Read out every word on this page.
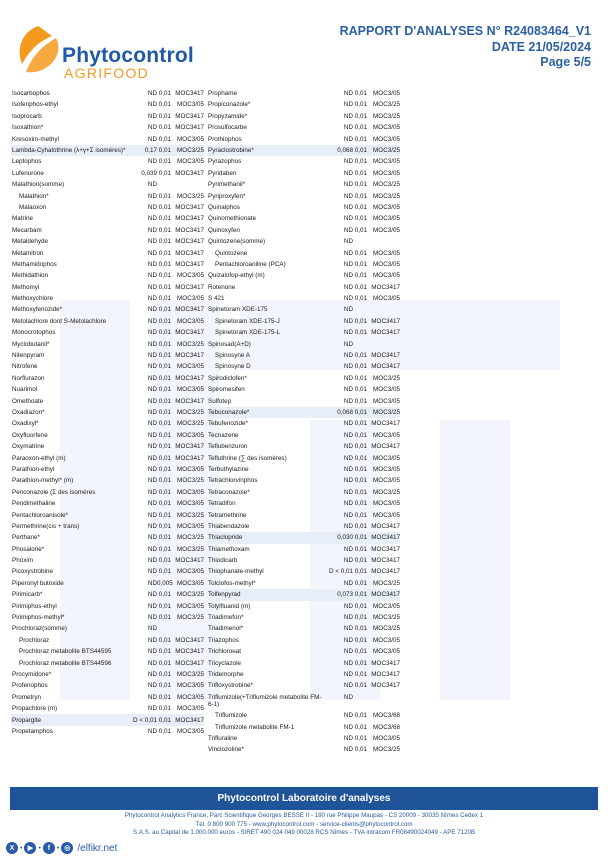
Phytocontrol
AGRIFOOD
RAPPORT D'ANALYSES N° R24083464_V1
DATE 21/05/2024
Page 5/5
Isocarbophos	ND 0,01 MOC3417
Isofenphos-ethyl	ND 0,01 MOC3/05
Isoprocarb	ND 0,01 MOC3417
Isoxathion*	ND 0,01 MOC3417
Kresoxim-methyl	ND 0,01 MOC3/05
Lambda-Cyhalothrine (λ+γ+Σ isomères)*	0,17 0,01 MOC3/25
Leptophos	ND 0,01 MOC3/05
Lufenurone	0,039 0,01 MOC3417
Malathion(somme)	ND
Malathion*	ND 0,01 MOC3/25
Malaoxon	ND 0,01 MOC3417
Matrine	ND 0,01 MOC3417
Mecarbam	ND 0,01 MOC3417
Metaldehyde	ND 0,01 MOC3417
Metamitron	ND 0,01 MOC3417
Methamidophos	ND 0,01 MOC3417
Methidathion	ND 0,01 MOC3/05
Methomyl	ND 0,01 MOC3417
Methoxychlore	ND 0,01 MOC3/05
Methoxyfenozide*	ND 0,01 MOC3417
Metolachlore dont S-Metolachlore	ND 0,01 MOC3/05
Monocrotophos	ND 0,01 MOC3417
Myclobutanil*	ND 0,01 MOC3/25
Nitenpyram	ND 0,01 MOC3417
Nitrofene	ND 0,01 MOC3/05
Norflurazon	ND 0,01 MOC3417
Nuarimol	ND 0,01 MOC3/05
Omethoate	ND 0,01 MOC3417
Oxadiazon*	ND 0,01 MOC3/25
Oxadixyl*	ND 0,01 MOC3/25
Oxyfluorfene	ND 0,01 MOC3/05
Oxymatrine	ND 0,01 MOC3417
Paraoxon-ethyl (m)	ND 0,01 MOC3417
Parathion-ethyl	ND 0,01 MOC3/05
Parathion-methyl* (m)	ND 0,01 MOC3/25
Penconazole (Σ des isomères	ND 0,01 MOC3/05
Pendimethaline	ND 0,01 MOC3/05
Pentachloroanisole*	ND 0,01 MOC3/25
Permethrine(cis + trans)	ND 0,01 MOC3/05
Perthane*	ND 0,01 MOC3/25
Phosalone*	ND 0,01 MOC3/25
Phoxim	ND 0,01 MOC3417
Picoxystrobine	ND 0,01 MOC3/05
Piperonyl butoxide	ND 0,005 MOC3/05
Pirimicarb*	ND 0,01 MOC3/25
Pirimiphos-ethyl	ND 0,01 MOC3/05
Pirimiphos-methyl*	ND 0,01 MOC3/25
Prochloraz(somme)	ND
Prochloraz	ND 0,01 MOC3417
Prochloraz metabolite BTS44595	ND 0,01 MOC3417
Prochloraz metabolite BTS44596	ND 0,01 MOC3417
Procymidone*	ND 0,01 MOC3/25
Profenophos	ND 0,01 MOC3/05
Prometryn	ND 0,01 MOC3/05
Propachlore (m)	ND 0,01 MOC3/05
Propargite	D < 0,01 0,01 MOC3417
Propetamphos	ND 0,01 MOC3/05
Prophame	ND 0,01 MOC3/05
Propiconazole*	ND 0,01 MOC3/25
Propyzamide*	ND 0,01 MOC3/25
Prosulfocarbe	ND 0,01 MOC3/05
Prothiophos	ND 0,01 MOC3/05
Pyraclostrobine*	0,068 0,01 MOC3/25
Pyrazophos	ND 0,01 MOC3/05
Pyridaben	ND 0,01 MOC3/05
Pyrimethanil*	ND 0,01 MOC3/25
Pyriproxyfen*	ND 0,01 MOC3/25
Quinalphos	ND 0,01 MOC3/05
Quinomethionate	ND 0,01 MOC3/05
Quinoxyfen	ND 0,01 MOC3/05
Quintozene(somme)	ND
Quintozene	ND 0,01 MOC3/05
Pentachloroaniline (PCA)	ND 0,01 MOC3/05
Quizalofop-ethyl (m)	ND 0,01 MOC3/05
Rotenone	ND 0,01 MOC3417
S 421	ND 0,01 MOC3/05
Spinetoram XDE-175	ND
Spinetoram XDE-175-J	ND 0,01 MOC3417
Spinetoram XDE-175-L	ND 0,01 MOC3417
Spinosad(A+D)	ND
Spinosyne A	ND 0,01 MOC3417
Spinosyne D	ND 0,01 MOC3417
Spirodiclofen*	ND 0,01 MOC3/25
Spiromesifen	ND 0,01 MOC3/05
Sulfotep	ND 0,01 MOC3/05
Tebuconazole*	0,068 0,01 MOC3/25
Tebufenozide*	ND 0,01 MOC3417
Tecnazene	ND 0,01 MOC3/05
Teflubenzuron	ND 0,01 MOC3417
Tefluthrine (∑ des isomères)	ND 0,01 MOC3/05
Terbuthylazine	ND 0,01 MOC3/05
Tetrachlorvinphos	ND 0,01 MOC3/05
Tetraconazole*	ND 0,01 MOC3/25
Tetradifon	ND 0,01 MOC3/05
Tetramethrine	ND 0,01 MOC3/05
Thiabendazole	ND 0,01 MOC3417
Thiaclopride	0,030 0,01 MOC3417
Thiamethoxam	ND 0,01 MOC3417
Thiodicarb	ND 0,01 MOC3417
Thiophanate-methyl	D < 0,01 0,01 MOC3417
Tolclofos-methyl*	ND 0,01 MOC3/25
Tolfenpyrad	0,073 0,01 MOC3417
Tolylfluanid (m)	ND 0,01 MOC3/05
Triadimefon*	ND 0,01 MOC3/25
Triadimenol*	ND 0,01 MOC3/25
Triazophos	ND 0,01 MOC3/05
Trichlorонat	ND 0,01 MOC3/05
Tricyclazole	ND 0,01 MOC3417
Tridemorphe	ND 0,01 MOC3417
Trifloxystrobine*	ND 0,01 MOC3417
Triflumizole(+Triflumizole metabolite FM-6-1)
ND
Triflumizole	ND 0,01 MOC3/68
Triflumizole metabolite FM-1	ND 0,01 MOC3/68
Trifluraline	ND 0,01 MOC3/05
Vinclozoline*	ND 0,01 MOC3/25
Phytocontrol Laboratoire d'analyses
Phytocontrol Analytics France, Parc Scientifique Georges BESSE II - 180 rue Philippe Maupas - CS 20009 - 30035 Nîmes Cedex 1
Tél. 0 800 900 775 - www.phytocontrol.com - service-clients@phytocontrol.com
S.A.S. au Capital de 1.000.000 euros - SIRET 490 024 049 00028 RCS Nîmes - TVA intracom FR08490024049 - APE 7120B
X • ▶ • f • ◎ /elfikr.net
